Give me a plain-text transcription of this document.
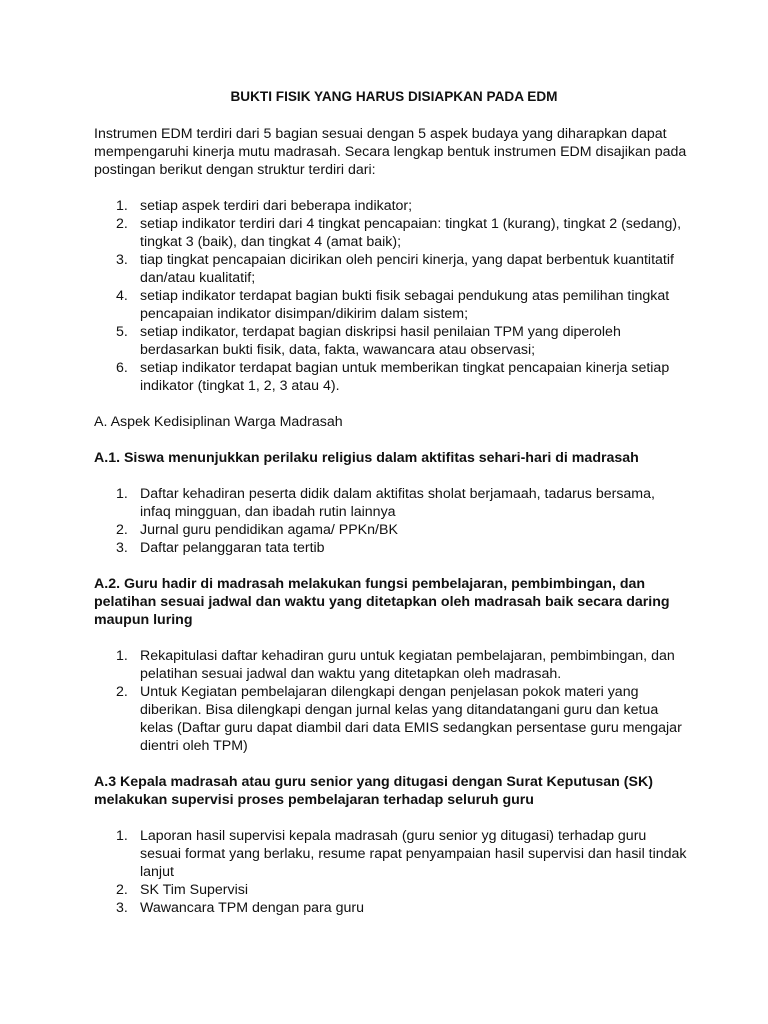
BUKTI FISIK YANG HARUS DISIAPKAN PADA EDM
Instrumen EDM terdiri dari 5 bagian sesuai dengan 5 aspek budaya yang diharapkan dapat mempengaruhi kinerja mutu madrasah. Secara lengkap bentuk instrumen EDM disajikan pada postingan berikut dengan struktur terdiri dari:
1. setiap aspek terdiri dari beberapa indikator;
2. setiap indikator terdiri dari 4 tingkat pencapaian: tingkat 1 (kurang), tingkat 2 (sedang), tingkat 3 (baik), dan tingkat 4 (amat baik);
3. tiap tingkat pencapaian dicirikan oleh penciri kinerja, yang dapat berbentuk kuantitatif dan/atau kualitatif;
4. setiap indikator terdapat bagian bukti fisik sebagai pendukung atas pemilihan tingkat pencapaian indikator disimpan/dikirim dalam sistem;
5. setiap indikator, terdapat bagian diskripsi hasil penilaian TPM yang diperoleh berdasarkan bukti fisik, data, fakta, wawancara atau observasi;
6. setiap indikator terdapat bagian untuk memberikan tingkat pencapaian kinerja setiap indikator (tingkat 1, 2, 3 atau 4).
A. Aspek Kedisiplinan Warga Madrasah
A.1. Siswa menunjukkan perilaku religius dalam aktifitas sehari-hari di madrasah
1. Daftar kehadiran peserta didik dalam aktifitas sholat berjamaah, tadarus bersama, infaq mingguan, dan ibadah rutin lainnya
2. Jurnal guru pendidikan agama/ PPKn/BK
3. Daftar pelanggaran tata tertib
A.2. Guru hadir di madrasah melakukan fungsi pembelajaran, pembimbingan, dan pelatihan sesuai jadwal dan waktu yang ditetapkan oleh madrasah baik secara daring maupun luring
1. Rekapitulasi daftar kehadiran guru untuk kegiatan pembelajaran, pembimbingan, dan pelatihan sesuai jadwal dan waktu yang ditetapkan oleh madrasah.
2. Untuk Kegiatan pembelajaran dilengkapi dengan penjelasan pokok materi yang diberikan. Bisa dilengkapi dengan jurnal kelas yang ditandatangani guru dan ketua kelas (Daftar guru dapat diambil dari data EMIS sedangkan persentase guru mengajar dientri oleh TPM)
A.3 Kepala madrasah atau guru senior yang ditugasi dengan Surat Keputusan (SK) melakukan supervisi proses pembelajaran terhadap seluruh guru
1. Laporan hasil supervisi kepala madrasah (guru senior yg ditugasi) terhadap guru sesuai format yang berlaku, resume rapat penyampaian hasil supervisi dan hasil tindak lanjut
2. SK Tim Supervisi
3. Wawancara TPM dengan para guru
